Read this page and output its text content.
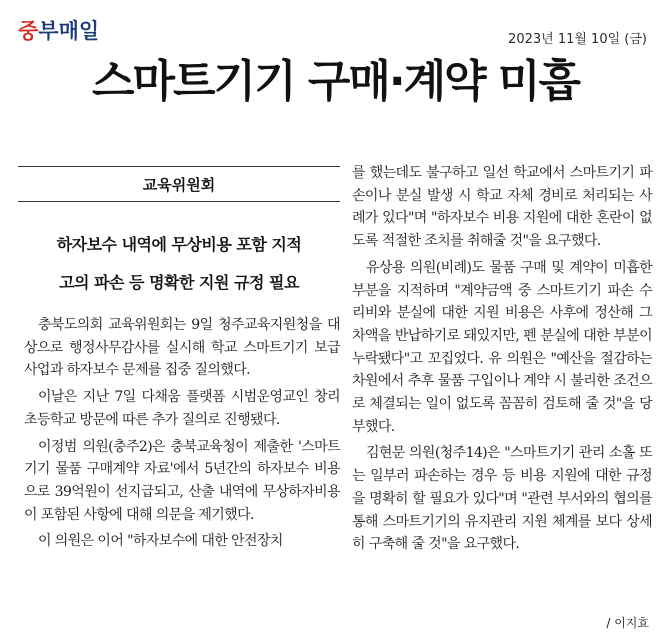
중부매일	2023년 11월 10일 (금)
스마트기기 구매·계약 미흡
교육위원회
하자보수 내역에 무상비용 포함 지적
고의 파손 등 명확한 지원 규정 필요

충북도의회 교육위원회는 9일 청주교육지원청을 대상으로 행정사무감사를 실시해 학교 스마트기기 보급 사업과 하자보수 문제를 집중 질의했다.

이날은 지난 7일 다채움 플랫폼 시범운영교인 창리초등학교 방문에 따른 추가 질의로 진행됐다.

이정범 의원(충주2)은 충북교육청이 제출한 '스마트기기 물품 구매계약 자료'에서 5년간의 하자보수 비용으로 39억원이 선지급되고, 산출 내역에 무상하자비용이 포함된 사항에 대해 의문을 제기했다.

이 의원은 이어 "하자보수에 대한 안전장치

를 했는데도 불구하고 일선 학교에서 스마트기기 파손이나 분실 발생 시 학교 자체 경비로 처리되는 사례가 있다"며 "하자보수 비용 지원에 대한 혼란이 없도록 적절한 조치를 취해줄 것"을 요구했다.

유상용 의원(비례)도 물품 구매 및 계약이 미흡한 부분을 지적하며 "계약금액 중 스마트기기 파손 수리비와 분실에 대한 지원 비용은 사후에 정산해 그 차액을 반납하기로 돼있지만, 펜 분실에 대한 부분이 누락됐다"고 꼬집었다. 유 의원은 "예산을 절감하는 차원에서 추후 물품 구입이나 계약 시 불리한 조건으로 체결되는 일이 없도록 꼼꼼히 검토해 줄 것"을 당부했다.

김현문 의원(청주14)은 "스마트기기 관리 소홀 또는 일부러 파손하는 경우 등 비용 지원에 대한 규정을 명확히 할 필요가 있다"며 "관련 부서와의 협의를 통해 스마트기기의 유지관리 지원 체계를 보다 상세히 구축해 줄 것"을 요구했다.

/ 이지효
